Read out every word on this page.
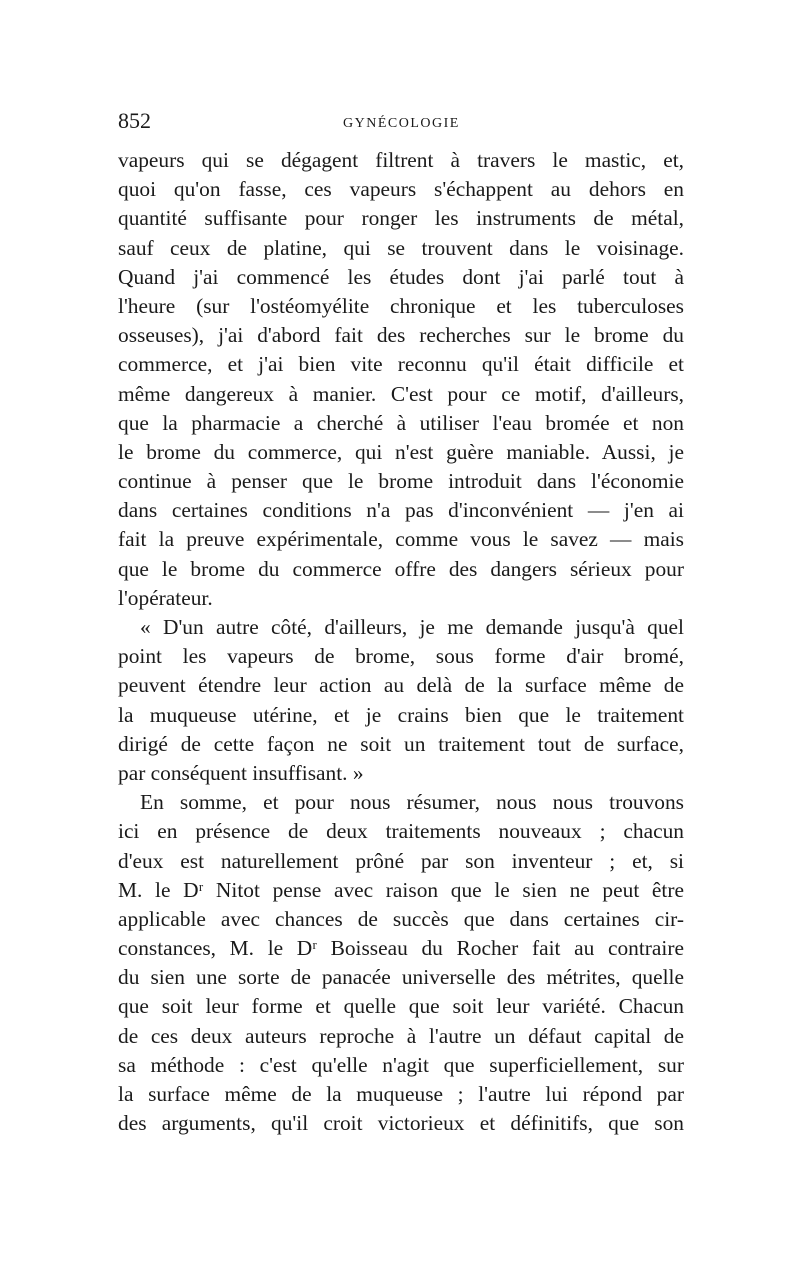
852	GYNÉCOLOGIE
vapeurs qui se dégagent filtrent à travers le mastic, et,
quoi qu'on fasse, ces vapeurs s'échappent au dehors en
quantité suffisante pour ronger les instruments de métal,
sauf ceux de platine, qui se trouvent dans le voisinage.
Quand j'ai commencé les études dont j'ai parlé tout à
l'heure (sur l'ostéomyélite chronique et les tuberculoses
osseuses), j'ai d'abord fait des recherches sur le brome du
commerce, et j'ai bien vite reconnu qu'il était difficile et
même dangereux à manier. C'est pour ce motif, d'ailleurs,
que la pharmacie a cherché à utiliser l'eau bromée et non
le brome du commerce, qui n'est guère maniable. Aussi, je
continue à penser que le brome introduit dans l'économie
dans certaines conditions n'a pas d'inconvénient — j'en ai
fait la preuve expérimentale, comme vous le savez — mais
que le brome du commerce offre des dangers sérieux pour
l'opérateur.
« D'un autre côté, d'ailleurs, je me demande jusqu'à quel
point les vapeurs de brome, sous forme d'air bromé,
peuvent étendre leur action au delà de la surface même de
la muqueuse utérine, et je crains bien que le traitement
dirigé de cette façon ne soit un traitement tout de surface,
par conséquent insuffisant. »
En somme, et pour nous résumer, nous nous trouvons
ici en présence de deux traitements nouveaux ; chacun
d'eux est naturellement prôné par son inventeur ; et, si
M. le Dʳ Nitot pense avec raison que le sien ne peut être
applicable avec chances de succès que dans certaines cir-
constances, M. le Dʳ Boisseau du Rocher fait au contraire
du sien une sorte de panacée universelle des métrites, quelle
que soit leur forme et quelle que soit leur variété. Chacun
de ces deux auteurs reproche à l'autre un défaut capital de
sa méthode : c'est qu'elle n'agit que superficiellement, sur
la surface même de la muqueuse ; l'autre lui répond par
des arguments, qu'il croit victorieux et définitifs, que son
